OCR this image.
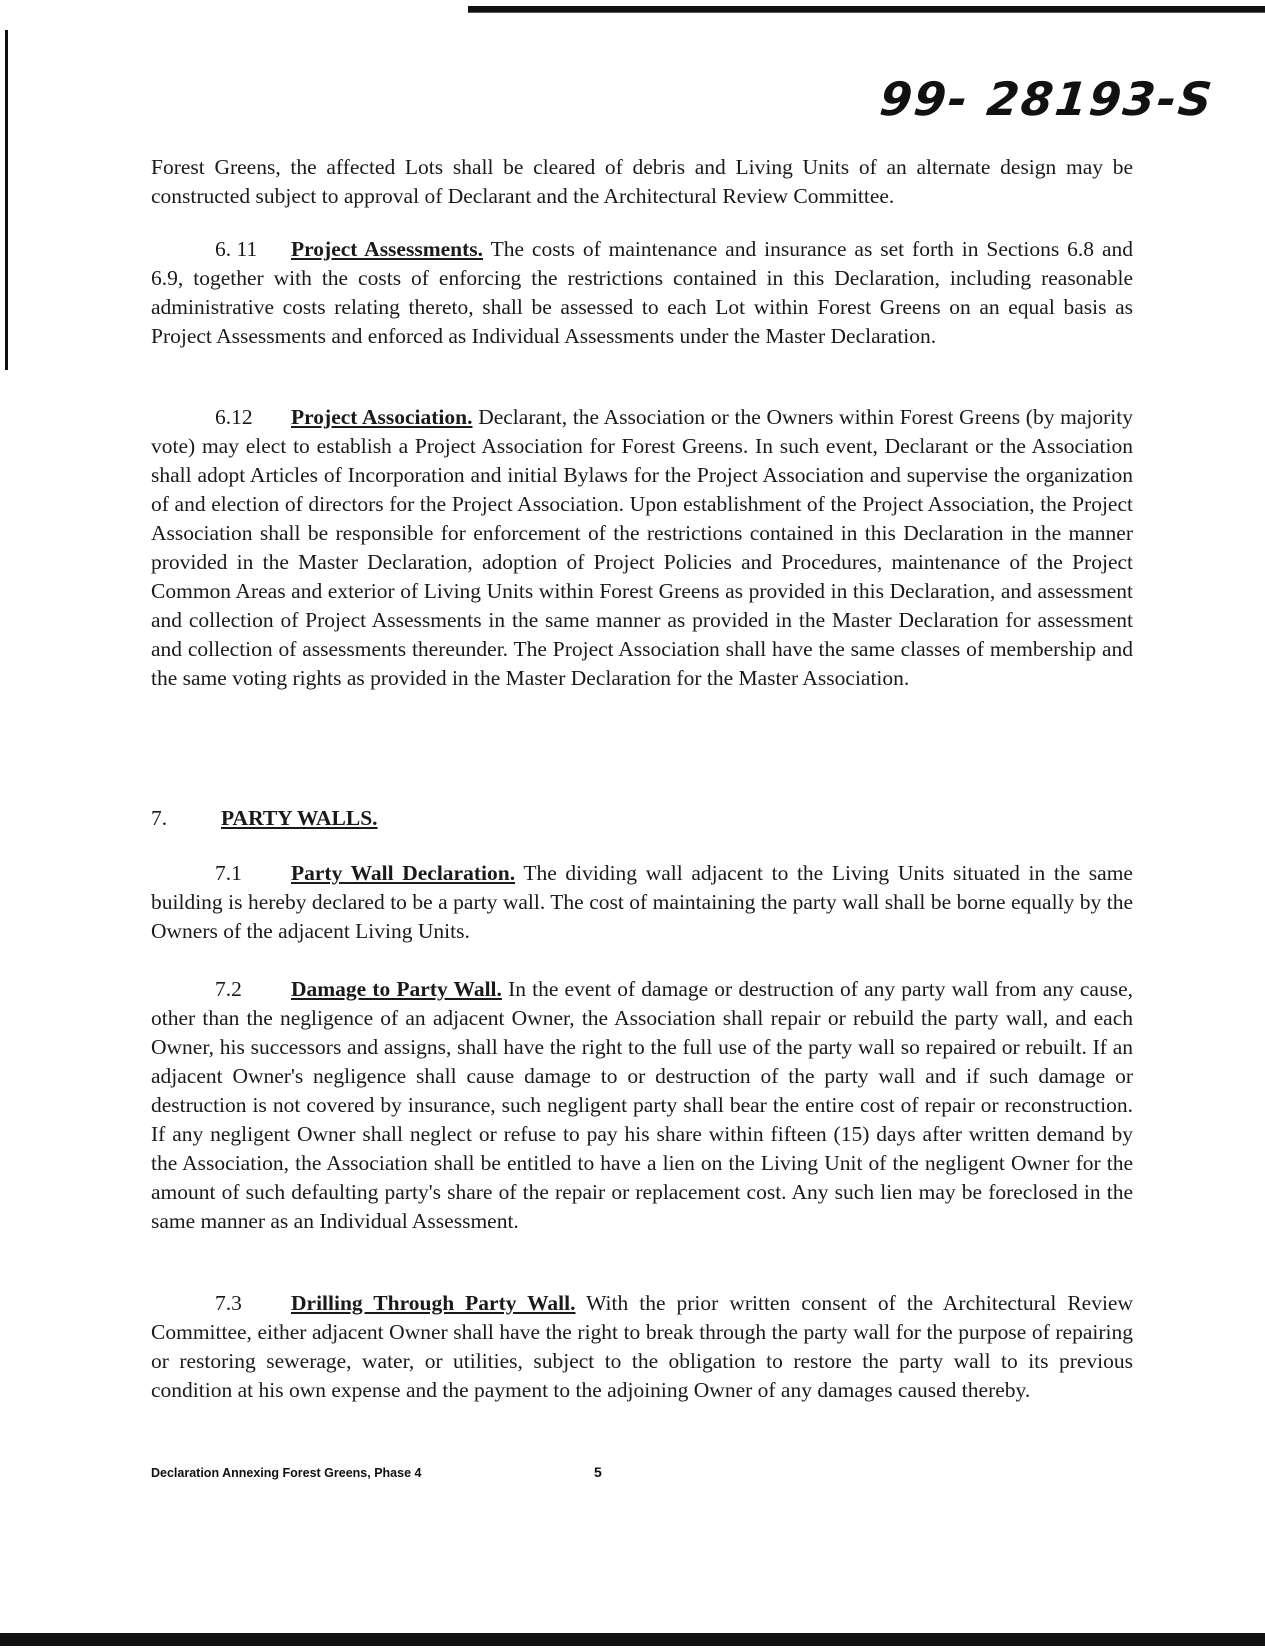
99- 28193-S

Forest Greens, the affected Lots shall be cleared of debris and Living Units of an alternate design may be constructed subject to approval of Declarant and the Architectural Review Committee.

6. 11 Project Assessments. The costs of maintenance and insurance as set forth in Sections 6.8 and 6.9, together with the costs of enforcing the restrictions contained in this Declaration, including reasonable administrative costs relating thereto, shall be assessed to each Lot within Forest Greens on an equal basis as Project Assessments and enforced as Individual Assessments under the Master Declaration.

6.12 Project Association. Declarant, the Association or the Owners within Forest Greens (by majority vote) may elect to establish a Project Association for Forest Greens. In such event, Declarant or the Association shall adopt Articles of Incorporation and initial Bylaws for the Project Association and supervise the organization of and election of directors for the Project Association. Upon establishment of the Project Association, the Project Association shall be responsible for enforcement of the restrictions contained in this Declaration in the manner provided in the Master Declaration, adoption of Project Policies and Procedures, maintenance of the Project Common Areas and exterior of Living Units within Forest Greens as provided in this Declaration, and assessment and collection of Project Assessments in the same manner as provided in the Master Declaration for assessment and collection of assessments thereunder. The Project Association shall have the same classes of membership and the same voting rights as provided in the Master Declaration for the Master Association.

7.	PARTY WALLS.

7.1 Party Wall Declaration. The dividing wall adjacent to the Living Units situated in the same building is hereby declared to be a party wall. The cost of maintaining the party wall shall be borne equally by the Owners of the adjacent Living Units.

7.2 Damage to Party Wall. In the event of damage or destruction of any party wall from any cause, other than the negligence of an adjacent Owner, the Association shall repair or rebuild the party wall, and each Owner, his successors and assigns, shall have the right to the full use of the party wall so repaired or rebuilt. If an adjacent Owner's negligence shall cause damage to or destruction of the party wall and if such damage or destruction is not covered by insurance, such negligent party shall bear the entire cost of repair or reconstruction. If any negligent Owner shall neglect or refuse to pay his share within fifteen (15) days after written demand by the Association, the Association shall be entitled to have a lien on the Living Unit of the negligent Owner for the amount of such defaulting party's share of the repair or replacement cost. Any such lien may be foreclosed in the same manner as an Individual Assessment.

7.3 Drilling Through Party Wall. With the prior written consent of the Architectural Review Committee, either adjacent Owner shall have the right to break through the party wall for the purpose of repairing or restoring sewerage, water, or utilities, subject to the obligation to restore the party wall to its previous condition at his own expense and the payment to the adjoining Owner of any damages caused thereby.

Declaration Annexing Forest Greens, Phase 4	5
